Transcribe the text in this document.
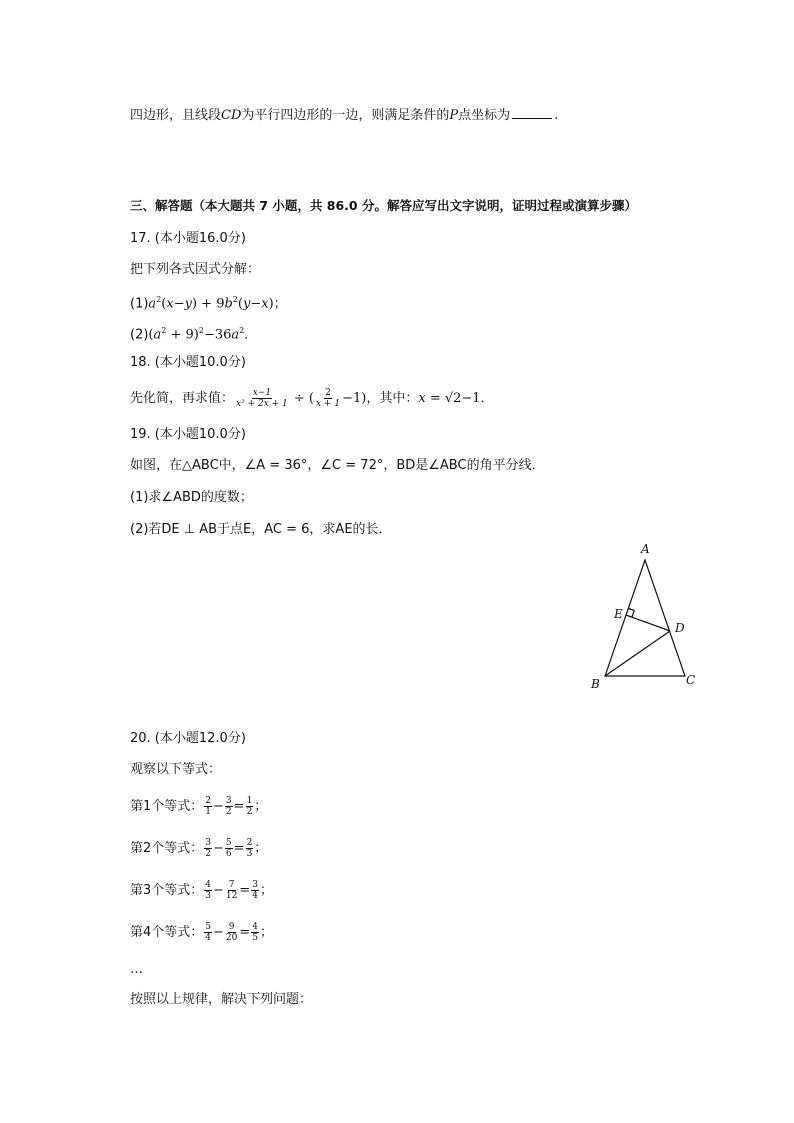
四边形，且线段CD为平行四边形的一边，则满足条件的P点坐标为	.
三、解答题（本大题共 7 小题，共 86.0 分。解答应写出文字说明，证明过程或演算步骤）
17. (本小题16.0分)
把下列各式因式分解：
$(1)a^2(x-y) + 9b^2(y-x)$；
$(2)(a^2 + 9)^2-36a^2$．
18. (本小题10.0分)
先化简，再求值： $\frac{x-1}{\text{x² + 2x + 1}}$ ÷ ( $\frac{2}{x + 1} -1$)，其中：x = √2−1．
19. (本小题10.0分)
如图，在△ABC中，∠A = 36°，∠C = 72°，BD是∠ABC的角平分线．
(1)求∠ABD的度数；
(2)若DE ⊥ AB于点E，AC = 6，求AE的长．
A
B	C
D
E
20. (本小题12.0分)
观察以下等式：
第1个等式： $\frac{2}{1} - \frac{3}{2} = \frac{1}{2}$ ；
第2个等式： $\frac{3}{2} - \frac{5}{6} = \frac{2}{3}$ ；
第3个等式： $\frac{4}{3} - \frac{7}{12} = \frac{3}{4}$ ；
第4个等式： $\frac{5}{4} - \frac{9}{20} = \frac{4}{5}$ ；
…
按照以上规律，解决下列问题：
